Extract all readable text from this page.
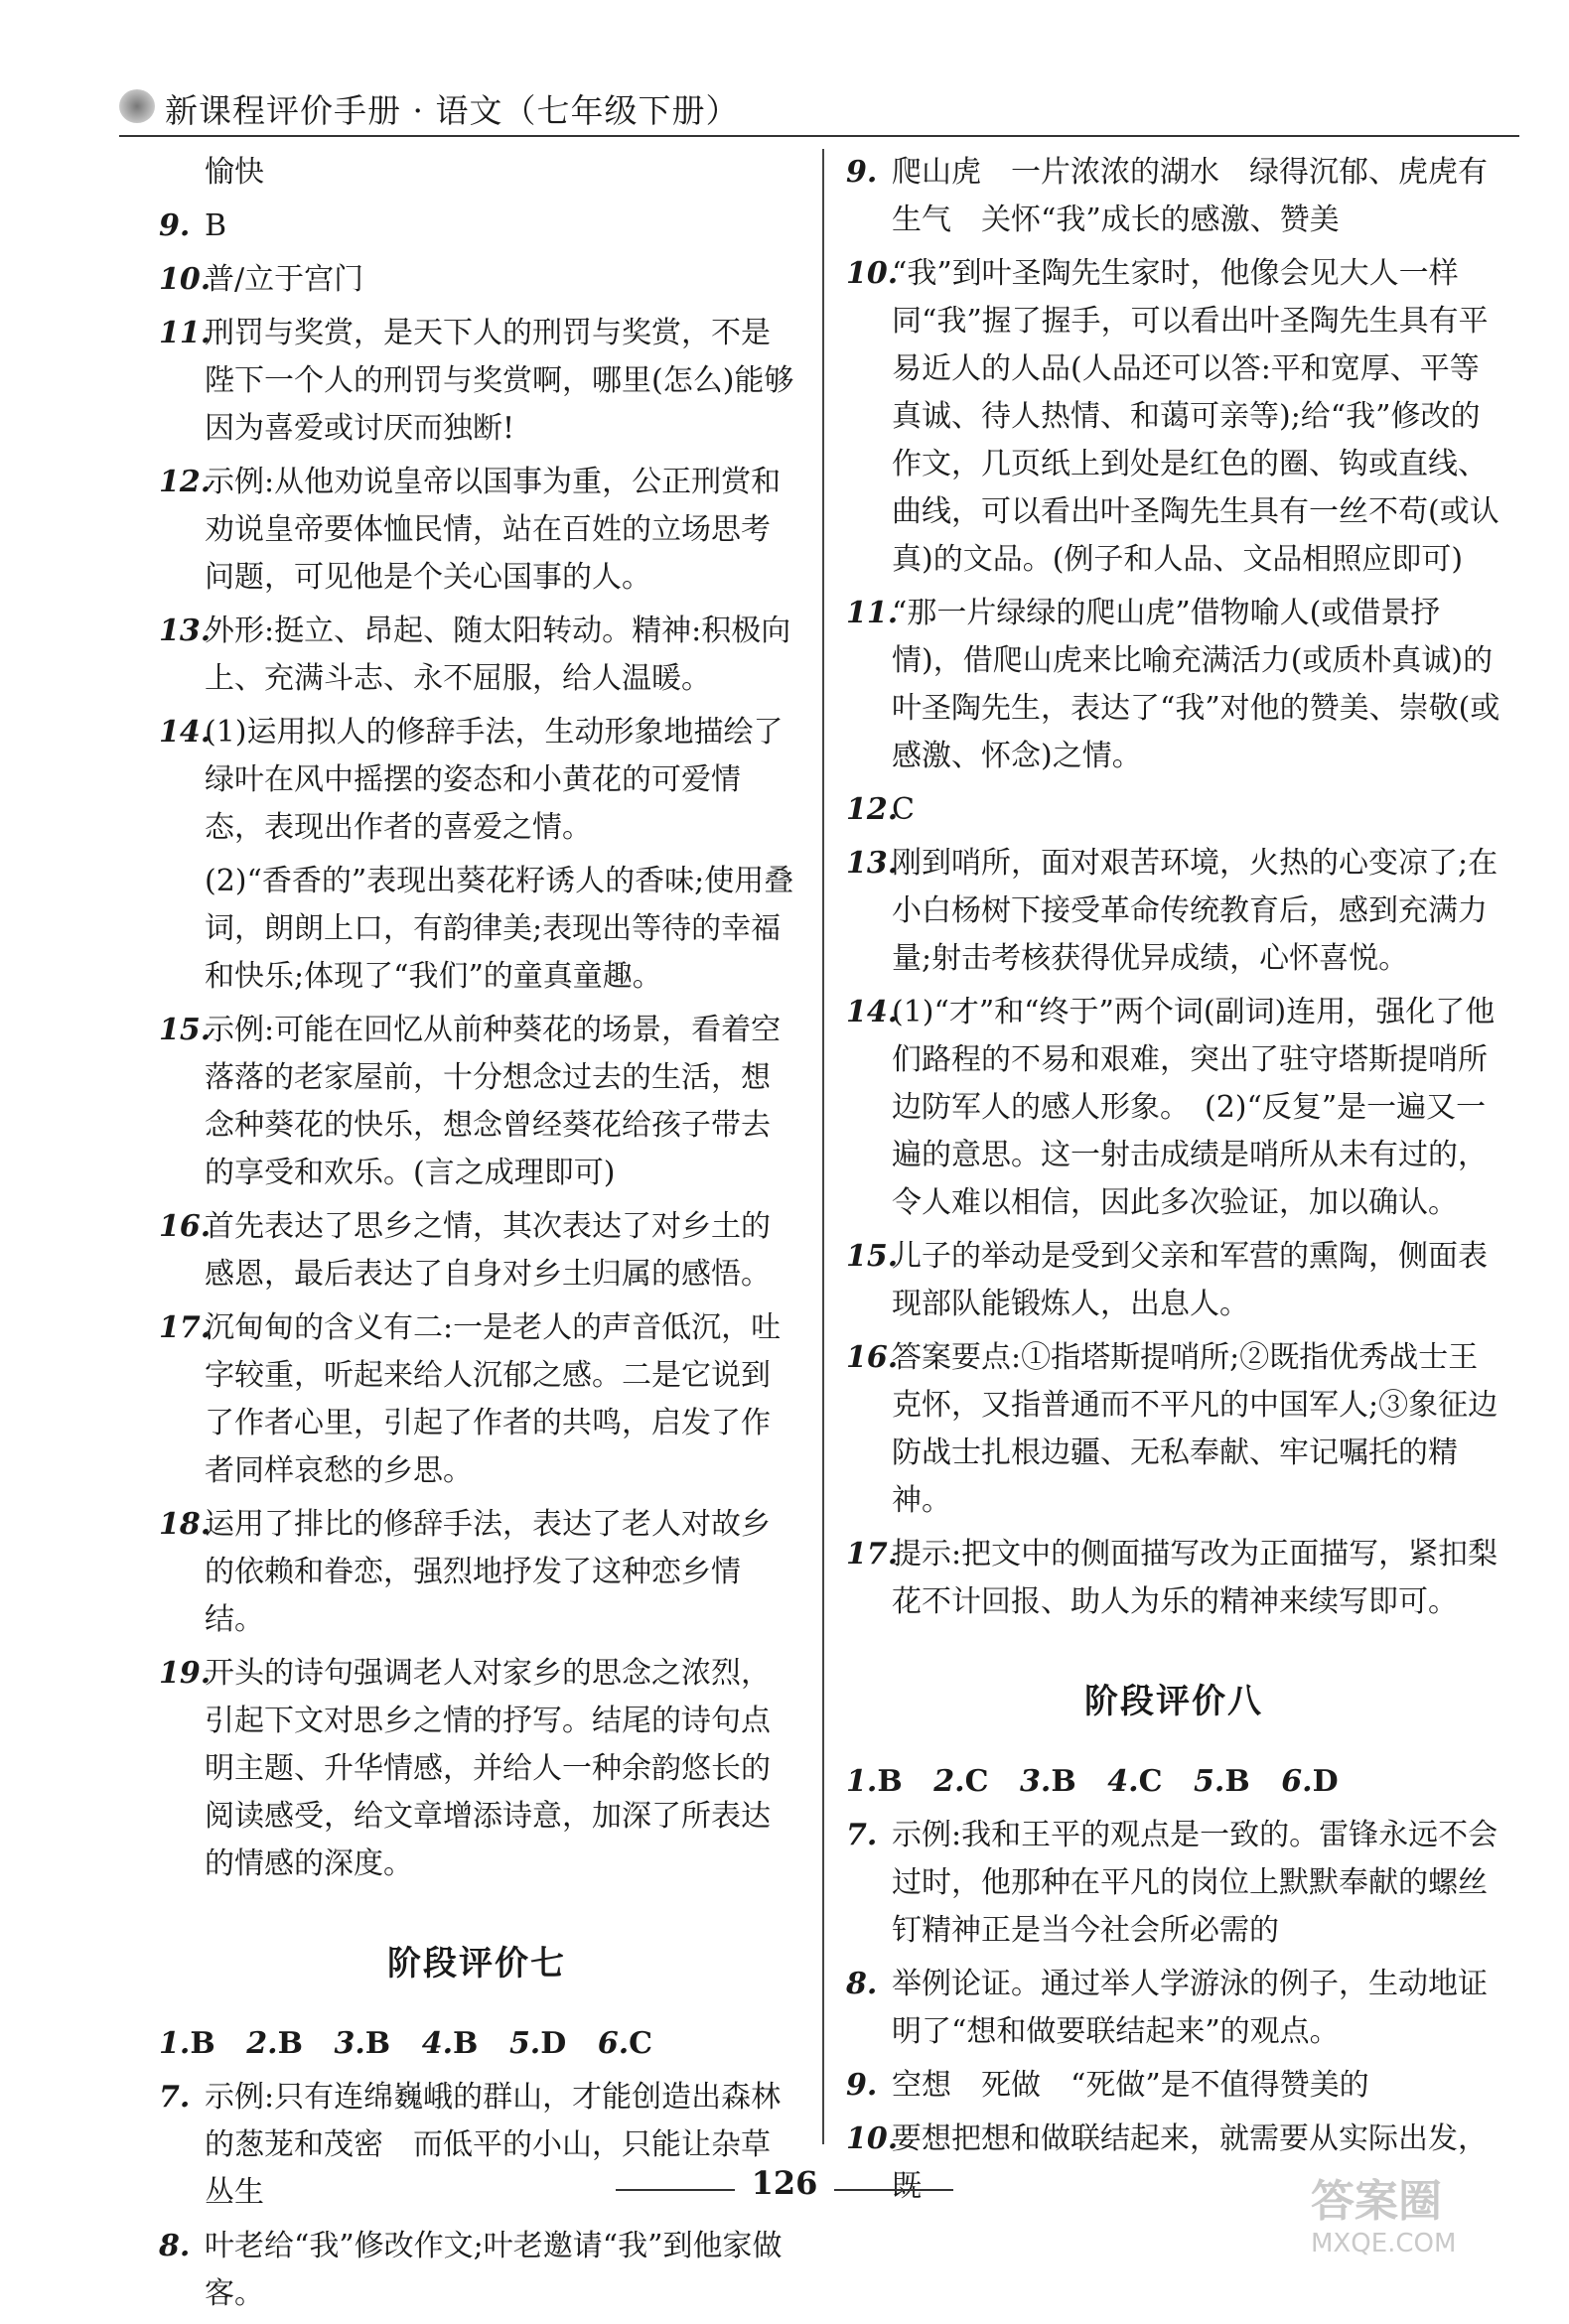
新课程评价手册 · 语文（七年级下册）
愉快
9. B
10.
普/立于宫门
11.
刑罚与奖赏，是天下人的刑罚与奖赏，不是陛下一个人的刑罚与奖赏啊，哪里(怎么)能够因为喜爱或讨厌而独断!
12.
示例:从他劝说皇帝以国事为重，公正刑赏和劝说皇帝要体恤民情，站在百姓的立场思考问题，可见他是个关心国事的人。
13.
外形:挺立、昂起、随太阳转动。精神:积极向上、充满斗志、永不屈服，给人温暖。
14.
(1)运用拟人的修辞手法，生动形象地描绘了绿叶在风中摇摆的姿态和小黄花的可爱情态，表现出作者的喜爱之情。
(2)“香香的”表现出葵花籽诱人的香味;使用叠词，朗朗上口，有韵律美;表现出等待的幸福和快乐;体现了“我们”的童真童趣。
15.
示例:可能在回忆从前种葵花的场景，看着空落落的老家屋前，十分想念过去的生活，想念种葵花的快乐，想念曾经葵花给孩子带去的享受和欢乐。(言之成理即可)
16.
首先表达了思乡之情，其次表达了对乡土的感恩，最后表达了自身对乡土归属的感悟。
17.
沉甸甸的含义有二:一是老人的声音低沉，吐字较重，听起来给人沉郁之感。二是它说到了作者心里，引起了作者的共鸣，启发了作者同样哀愁的乡思。
18.
运用了排比的修辞手法，表达了老人对故乡的依赖和眷恋，强烈地抒发了这种恋乡情结。
19.
开头的诗句强调老人对家乡的思念之浓烈，引起下文对思乡之情的抒写。结尾的诗句点明主题、升华情感，并给人一种余韵悠长的阅读感受，给文章增添诗意，加深了所表达的情感的深度。
阶段评价七
1.B 2.B 3.B 4.B 5.D 6.C
7. 示例:只有连绵巍峨的群山，才能创造出森林的葱茏和茂密　而低平的小山，只能让杂草丛生
8. 叶老给“我”修改作文;叶老邀请“我”到他家做客。
9. 爬山虎　一片浓浓的湖水　绿得沉郁、虎虎有生气　关怀“我”成长的感激、赞美
10.
“我”到叶圣陶先生家时，他像会见大人一样同“我”握了握手，可以看出叶圣陶先生具有平易近人的人品(人品还可以答:平和宽厚、平等真诚、待人热情、和蔼可亲等);给“我”修改的作文，几页纸上到处是红色的圈、钩或直线、曲线，可以看出叶圣陶先生具有一丝不苟(或认真)的文品。(例子和人品、文品相照应即可)
11.
“那一片绿绿的爬山虎”借物喻人(或借景抒情)，借爬山虎来比喻充满活力(或质朴真诚)的叶圣陶先生，表达了“我”对他的赞美、崇敬(或感激、怀念)之情。
12.
C
13.
刚到哨所，面对艰苦环境，火热的心变凉了;在小白杨树下接受革命传统教育后，感到充满力量;射击考核获得优异成绩，心怀喜悦。
14.
(1)“才”和“终于”两个词(副词)连用，强化了他们路程的不易和艰难，突出了驻守塔斯提哨所边防军人的感人形象。　(2)“反复”是一遍又一遍的意思。这一射击成绩是哨所从未有过的，令人难以相信，因此多次验证，加以确认。
15.
儿子的举动是受到父亲和军营的熏陶，侧面表现部队能锻炼人，出息人。
16.
答案要点:①指塔斯提哨所;②既指优秀战士王克怀，又指普通而不平凡的中国军人;③象征边防战士扎根边疆、无私奉献、牢记嘱托的精神。
17.
提示:把文中的侧面描写改为正面描写，紧扣梨花不计回报、助人为乐的精神来续写即可。
阶段评价八
1.B 2.C 3.B 4.C 5.B 6.D
7. 示例:我和王平的观点是一致的。雷锋永远不会过时，他那种在平凡的岗位上默默奉献的螺丝钉精神正是当今社会所必需的
8. 举例论证。通过举人学游泳的例子，生动地证明了“想和做要联结起来”的观点。
9. 空想　死做　“死做”是不值得赞美的
10.
要想把想和做联结起来，就需要从实际出发，既
126	答案圈
MXQE.COM
